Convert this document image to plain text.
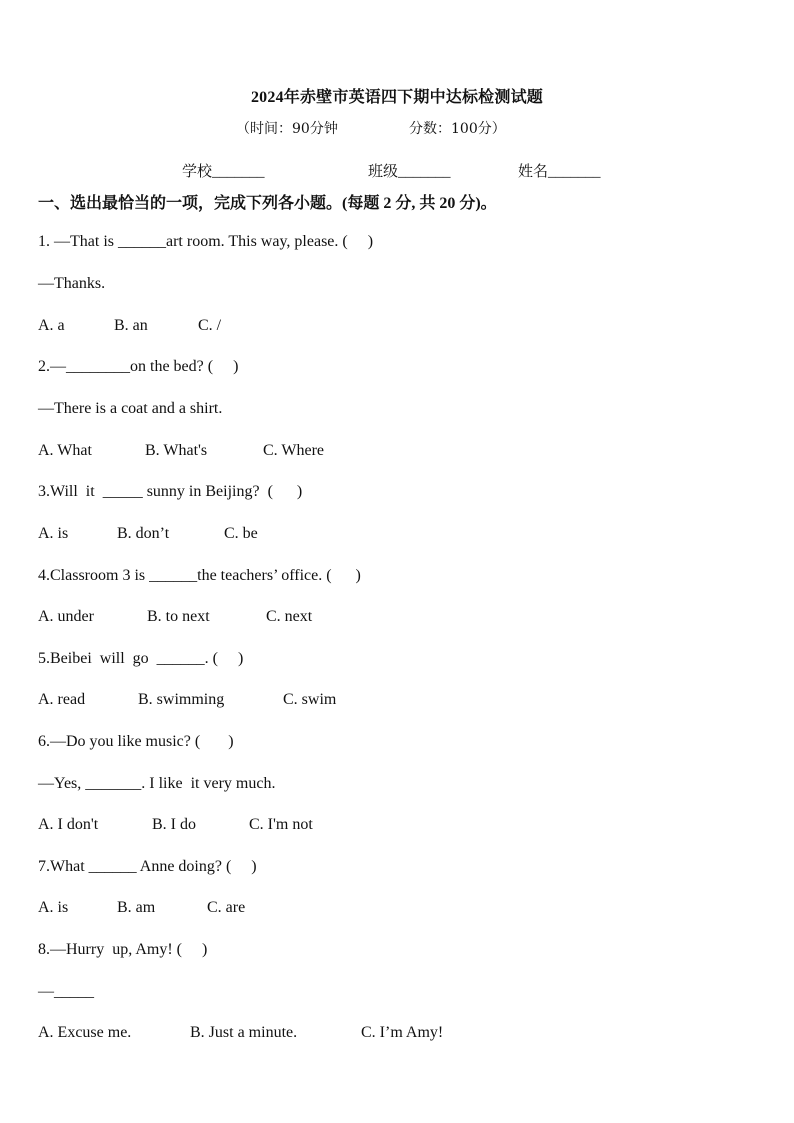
2024年赤壁市英语四下期中达标检测试题
（时间：90分钟                分数：100分）
学校_______	班级_______	姓名_______
一、选出最恰当的一项，完成下列各小题。(每题 2 分, 共 20 分)。
1. —That is ______art room. This way, please. (     )
—Thanks.
A. a	B. an	C. /
2.—________on the bed? (     )
—There is a coat and a shirt.
A. What	B. What's	C. Where
3.Will  it  _____ sunny in Beijing?  (      )
A. is	B. don’t	C. be
4.Classroom 3 is ______the teachers’ office. (      )
A. under	B. to next	C. next
5.Beibei  will  go  ______. (     )
A. read	B. swimming	C. swim
6.—Do you like music? (       )
—Yes, _______. I like  it very much.
A. I don't	B. I do	C. I'm not
7.What ______ Anne doing? (     )
A. is	B. am	C. are
8.—Hurry  up, Amy! (     )
—_____
A. Excuse me.	B. Just a minute.	C. I’m Amy!
